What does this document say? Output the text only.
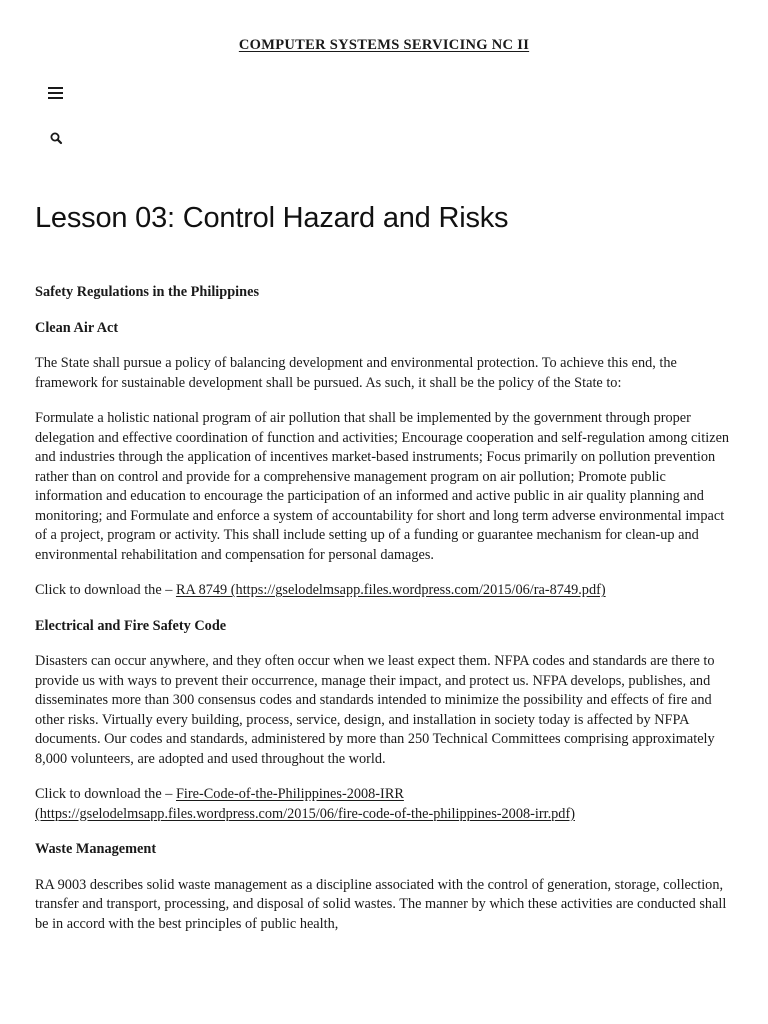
COMPUTER SYSTEMS SERVICING NC II
Lesson 03: Control Hazard and Risks

Safety Regulations in the Philippines

Clean Air Act

The State shall pursue a policy of balancing development and environmental protection. To achieve this end, the framework for sustainable development shall be pursued. As such, it shall be the policy of the State to:

Formulate a holistic national program of air pollution that shall be implemented by the government through proper delegation and effective coordination of function and activities; Encourage cooperation and self-regulation among citizen and industries through the application of incentives market-based instruments; Focus primarily on pollution prevention rather than on control and provide for a comprehensive management program on air pollution; Promote public information and education to encourage the participation of an informed and active public in air quality planning and monitoring; and Formulate and enforce a system of accountability for short and long term adverse environmental impact of a project, program or activity. This shall include setting up of a funding or guarantee mechanism for clean-up and environmental rehabilitation and compensation for personal damages.

Click to download the – RA 8749 (https://gselodelmsapp.files.wordpress.com/2015/06/ra-8749.pdf)

Electrical and Fire Safety Code

Disasters can occur anywhere, and they often occur when we least expect them. NFPA codes and standards are there to provide us with ways to prevent their occurrence, manage their impact, and protect us. NFPA develops, publishes, and disseminates more than 300 consensus codes and standards intended to minimize the possibility and effects of fire and other risks. Virtually every building, process, service, design, and installation in society today is affected by NFPA documents. Our codes and standards, administered by more than 250 Technical Committees comprising approximately 8,000 volunteers, are adopted and used throughout the world.

Click to download the – Fire-Code-of-the-Philippines-2008-IRR
(https://gselodelmsapp.files.wordpress.com/2015/06/fire-code-of-the-philippines-2008-irr.pdf)

Waste Management

RA 9003 describes solid waste management as a discipline associated with the control of generation, storage, collection, transfer and transport, processing, and disposal of solid wastes. The manner by which these activities are conducted shall be in accord with the best principles of public health,
